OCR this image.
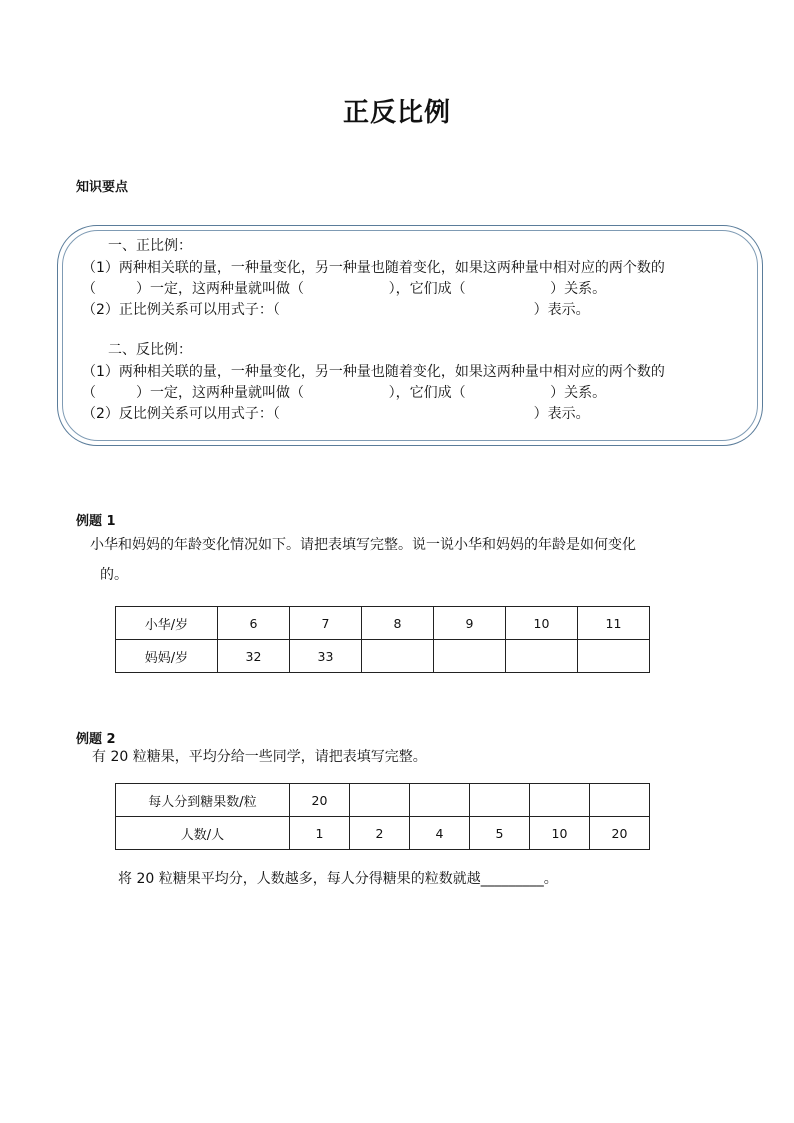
正反比例
知识要点
一、正比例：
（1）两种相关联的量，一种量变化，另一种量也随着变化，如果这两种量中相对应的两个数的
（         ）一定，这两种量就叫做（                   ），它们成（                   ）关系。
（2）正比例关系可以用式子：（                                                         ）表示。
二、反比例：
（1）两种相关联的量，一种量变化，另一种量也随着变化，如果这两种量中相对应的两个数的
（         ）一定，这两种量就叫做（                   ），它们成（                   ）关系。
（2）反比例关系可以用式子：（                                                         ）表示。
例题 1
小华和妈妈的年龄变化情况如下。请把表填写完整。说一说小华和妈妈的年龄是如何变化
的。
小华/岁	6	7	8	9	10	11
妈妈/岁	32	33				
例题 2
有 20 粒糖果，平均分给一些同学，请把表填写完整。
每人分到糖果数/粒	20					
人数/人	1	2	4	5	10	20
将 20 粒糖果平均分，人数越多，每人分得糖果的粒数就越_________。
